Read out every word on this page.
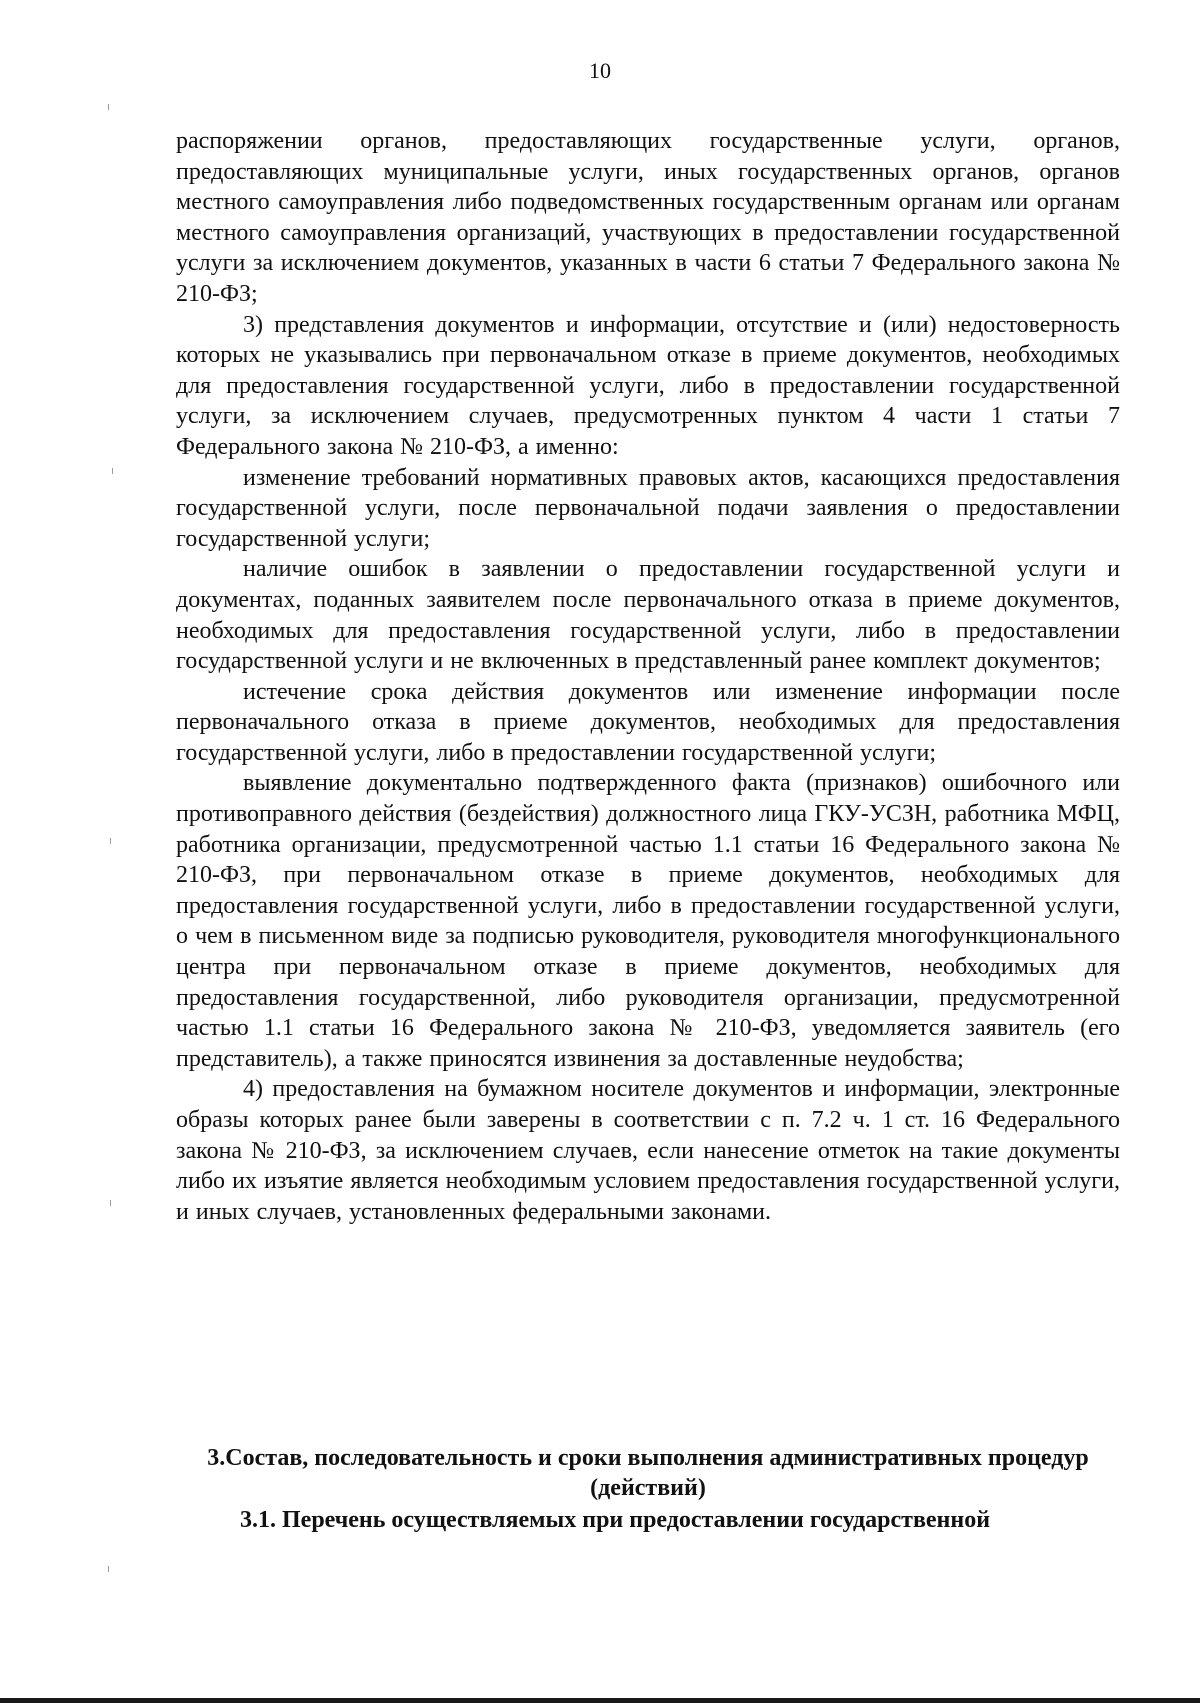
10

распоряжении органов, предоставляющих государственные услуги, органов, предоставляющих муниципальные услуги, иных государственных органов, органов местного самоуправления либо подведомственных государственным органам или органам местного самоуправления организаций, участвующих в предоставлении государственной услуги за исключением документов, указанных в части 6 статьи 7 Федерального закона № 210-ФЗ;

3) представления документов и информации, отсутствие и (или) недостоверность которых не указывались при первоначальном отказе в приеме документов, необходимых для предоставления государственной услуги, либо в предоставлении государственной услуги, за исключением случаев, предусмотренных пунктом 4 части 1 статьи 7 Федерального закона № 210-ФЗ, а именно:

изменение требований нормативных правовых актов, касающихся предоставления государственной услуги, после первоначальной подачи заявления о предоставлении государственной услуги;

наличие ошибок в заявлении о предоставлении государственной услуги и документах, поданных заявителем после первоначального отказа в приеме документов, необходимых для предоставления государственной услуги, либо в предоставлении государственной услуги и не включенных в представленный ранее комплект документов;

истечение срока действия документов или изменение информации после первоначального отказа в приеме документов, необходимых для предоставления государственной услуги, либо в предоставлении государственной услуги;

выявление документально подтвержденного факта (признаков) ошибочного или противоправного действия (бездействия) должностного лица ГКУ-УСЗН, работника МФЦ, работника организации, предусмотренной частью 1.1 статьи 16 Федерального закона № 210-ФЗ, при первоначальном отказе в приеме документов, необходимых для предоставления государственной услуги, либо в предоставлении государственной услуги, о чем в письменном виде за подписью руководителя, руководителя многофункционального центра при первоначальном отказе в приеме документов, необходимых для предоставления государственной, либо руководителя организации, предусмотренной частью 1.1 статьи 16 Федерального закона № 210-ФЗ, уведомляется заявитель (его представитель), а также приносятся извинения за доставленные неудобства;

4) предоставления на бумажном носителе документов и информации, электронные образы которых ранее были заверены в соответствии с п. 7.2 ч. 1 ст. 16 Федерального закона № 210-ФЗ, за исключением случаев, если нанесение отметок на такие документы либо их изъятие является необходимым условием предоставления государственной услуги, и иных случаев, установленных федеральными законами.

3.Состав, последовательность и сроки выполнения административных процедур (действий)
3.1. Перечень осуществляемых при предоставлении государственной
